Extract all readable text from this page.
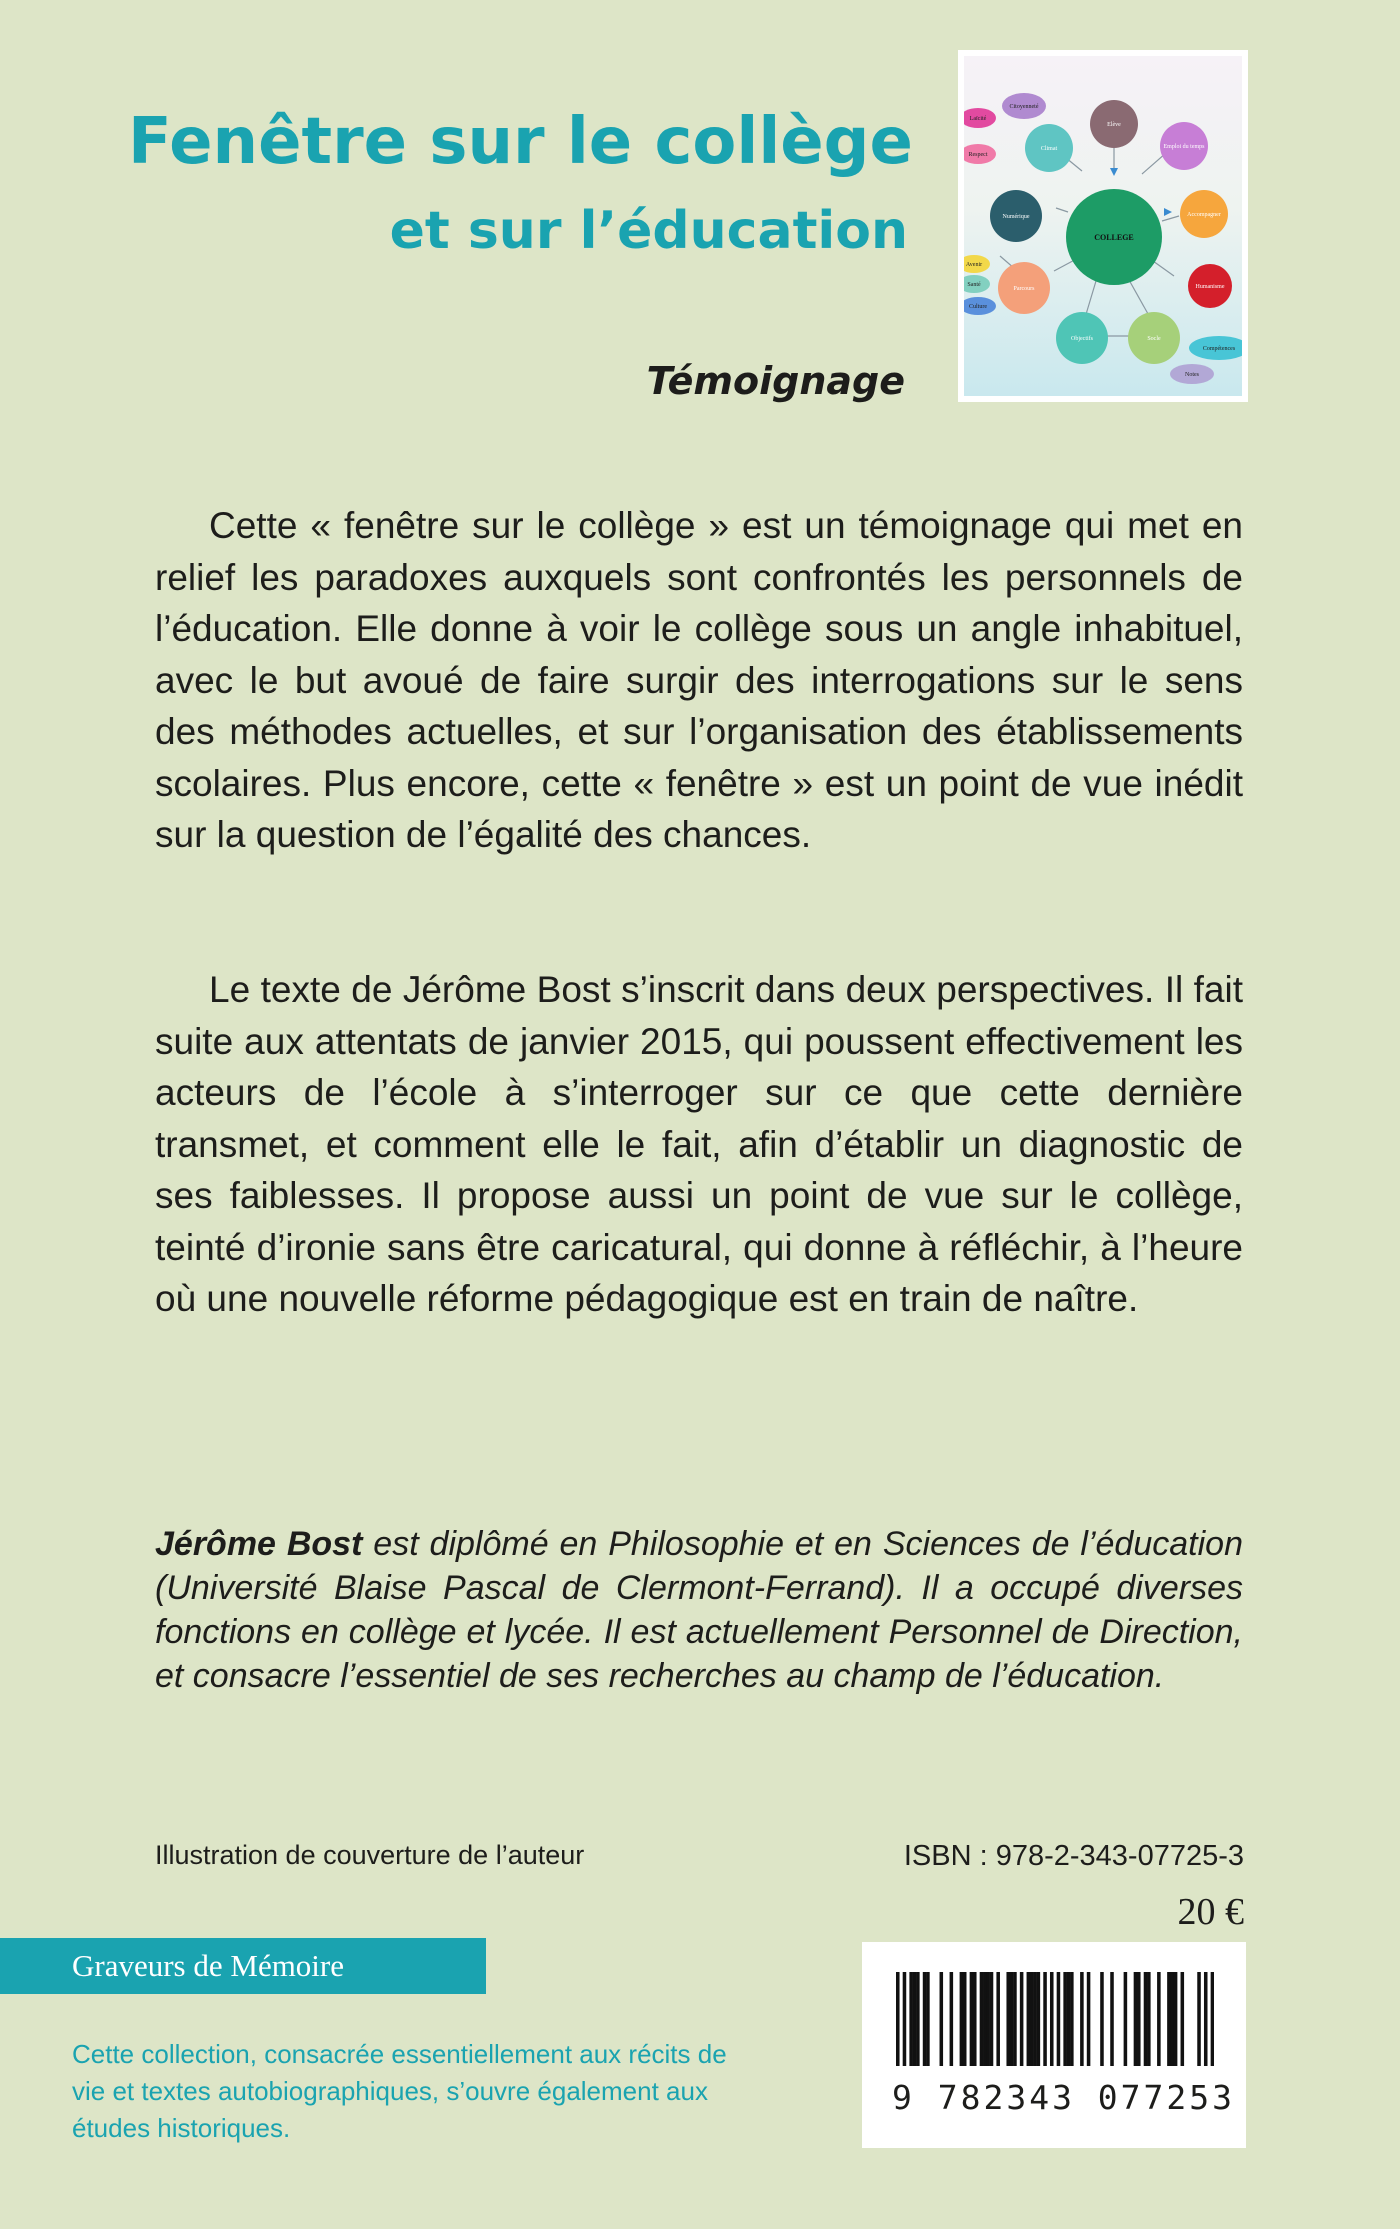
Fenêtre sur le collège
et sur l’éducation
Témoignage
COLLEGE
Citoyenneté
Laïcité
Respect
Climat
Elève
Emploi du temps
Numérique	Accompagner
Humanisme
Parcours
Objectifs	Socle
Compétences
Notes
Culture
Avenir
Santé

Cette « fenêtre sur le collège » est un témoignage qui met en relief les paradoxes auxquels sont confrontés les personnels de l’éducation. Elle donne à voir le collège sous un angle inhabituel, avec le but avoué de faire surgir des interrogations sur le sens des méthodes actuelles, et sur l’organisation des établissements scolaires. Plus encore, cette « fenêtre » est un point de vue inédit sur la question de l’égalité des chances.

Le texte de Jérôme Bost s’inscrit dans deux perspectives. Il fait suite aux attentats de janvier 2015, qui poussent effectivement les acteurs de l’école à s’interroger sur ce que cette dernière transmet, et comment elle le fait, afin d’établir un diagnostic de ses faiblesses. Il propose aussi un point de vue sur le collège, teinté d’ironie sans être caricatural, qui donne à réfléchir, à l’heure où une nouvelle réforme pédagogique est en train de naître.

Jérôme Bost est diplômé en Philosophie et en Sciences de l’éducation (Université Blaise Pascal de Clermont-Ferrand). Il a occupé diverses fonctions en collège et lycée. Il est actuellement Personnel de Direction, et consacre l’essentiel de ses recherches au champ de l’éducation.
Illustration de couverture de l’auteur	ISBN : 978-2-343-07725-3
20 €
Graveurs de Mémoire
Cette collection, consacrée essentiellement aux récits de vie et textes autobiographiques, s’ouvre également aux études historiques.
9 782343 077253
